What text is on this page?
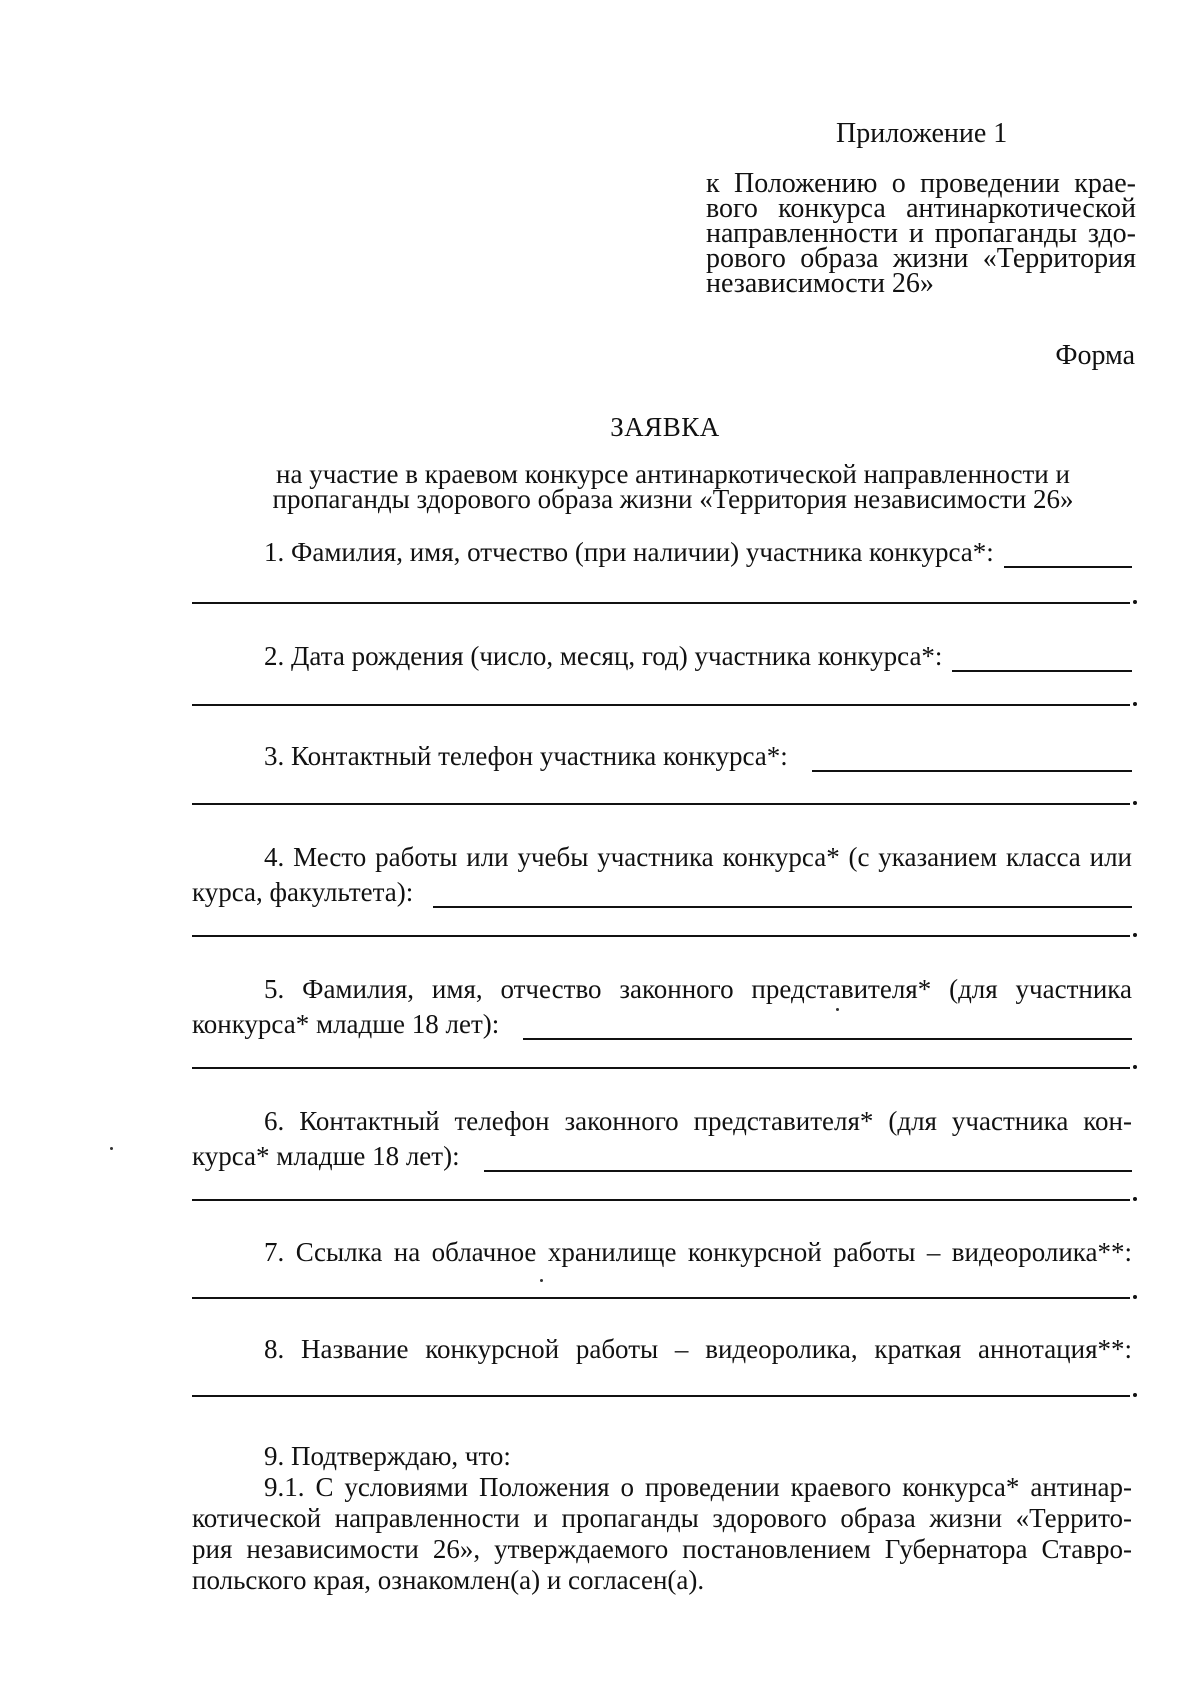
Приложение 1
к Положению о проведении крае-
вого конкурса антинаркотической
направленности и пропаганды здо-
рового образа жизни «Территория
независимости 26»
Форма
ЗАЯВКА
на участие в краевом конкурсе антинаркотической направленности и
пропаганды здорового образа жизни «Территория независимости 26»
1. Фамилия, имя, отчество (при наличии) участника конкурса*:
2. Дата рождения (число, месяц, год) участника конкурса*:
3. Контактный телефон участника конкурса*:
4. Место работы или учебы участника конкурса* (с указанием класса или
курса, факультета):
5. Фамилия, имя, отчество законного представителя* (для участника
конкурса* младше 18 лет):
6. Контактный телефон законного представителя* (для участника кон-
курса* младше 18 лет):
7. Ссылка на облачное хранилище конкурсной работы – видеоролика**:
8. Название конкурсной работы – видеоролика, краткая аннотация**:
9. Подтверждаю, что:
9.1. С условиями Положения о проведении краевого конкурса* антинар-
котической направленности и пропаганды здорового образа жизни «Террито-
рия независимости 26», утверждаемого постановлением Губернатора Ставро-
польского края, ознакомлен(а) и согласен(а).
